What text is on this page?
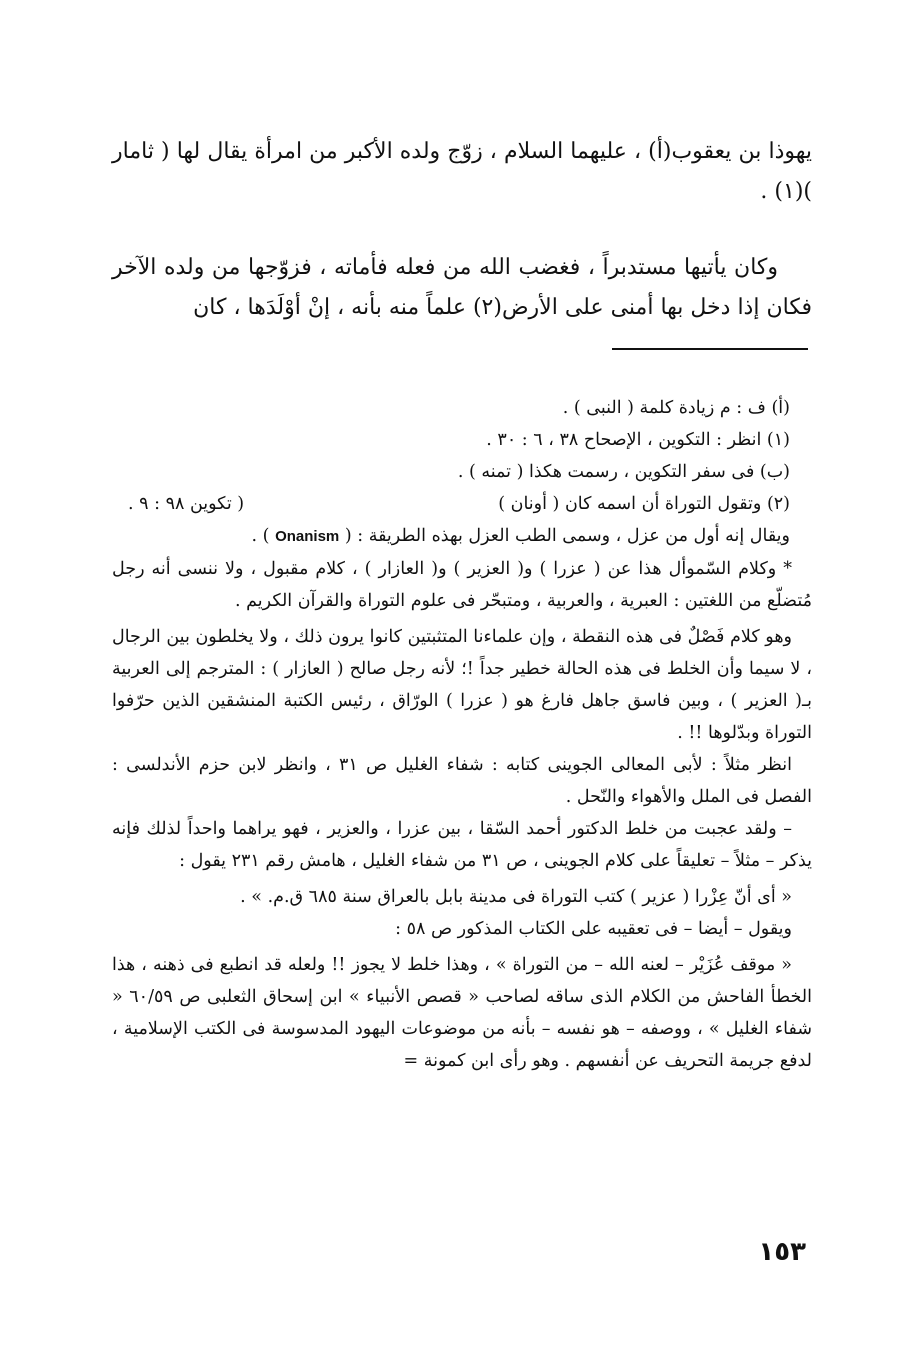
يهوذا بن يعقوب(أ) ، عليهما السلام ، زوّج ولده الأكبر من امرأة يقال لها ( ثامار )(١) .

وكان يأتيها مستدبراً ، فغضب الله من فعله فأماته ، فزوّجها من ولده الآخر فكان إذا دخل بها أمنى على الأرض(٢) علماً منه بأنه ، إنْ أوْلَدَها ، كان

(أ) ف : م زيادة كلمة ( النبى ) .

(١) انظر : التكوين ، الإصحاح ٣٨ ، ٦ : ٣٠ .

(ب) فى سفر التكوين ، رسمت هكذا ( تمنه ) .

(٢) وتقول التوراة أن اسمه كان ( أونان )
( تكوين ٩٨ : ٩ .

ويقال إنه أول من عزل ، وسمى الطب العزل بهذه الطريقة : ( Onanism ) .

* وكلام السّموأل هذا عن ( عزرا ) و( العزير ) و( العازار ) ، كلام مقبول ، ولا ننسى أنه رجل مُتضلّع من اللغتين : العبرية ، والعربية ، ومتبحّر فى علوم التوراة والقرآن الكريم .

وهو كلام فَصْلٌ فى هذه النقطة ، وإن علماءنا المتثبتين كانوا يرون ذلك ، ولا يخلطون بين الرجال ، لا سيما وأن الخلط فى هذه الحالة خطير جداً !؛ لأنه رجل صالح ( العازار ) : المترجم إلى العربية بـ( العزير ) ، وبين فاسق جاهل فارغ هو ( عزرا ) الورّاق ، رئيس الكتبة المنشقين الذين حرّفوا التوراة وبدّلوها !! .

انظر مثلاً : لأبى المعالى الجوينى كتابه : شفاء الغليل ص ٣١ ، وانظر لابن حزم الأندلسى : الفصل فى الملل والأهواء والنّحل .

– ولقد عجبت من خلط الدكتور أحمد السّقا ، بين عزرا ، والعزير ، فهو يراهما واحداً لذلك فإنه يذكر – مثلاً – تعليقاً على كلام الجوينى ، ص ٣١ من شفاء الغليل ، هامش رقم ٢٣١ يقول :

« أى أنّ عِزْرا ( عزير ) كتب التوراة فى مدينة بابل بالعراق سنة ٦٨٥ ق.م. » .

ويقول – أيضا – فى تعقيبه على الكتاب المذكور ص ٥٨ :

« موقف عُزَيْر – لعنه الله – من التوراة » ، وهذا خلط لا يجوز !! ولعله قد انطبع فى ذهنه ، هذا الخطأ الفاحش من الكلام الذى ساقه لصاحب « قصص الأنبياء » ابن إسحاق الثعلبى ص ٦٠/٥٩ « شفاء الغليل » ، ووصفه – هو نفسه – بأنه من موضوعات اليهود المدسوسة فى الكتب الإسلامية ، لدفع جريمة التحريف عن أنفسهم . وهو رأى ابن كمونة =

١٥٣
